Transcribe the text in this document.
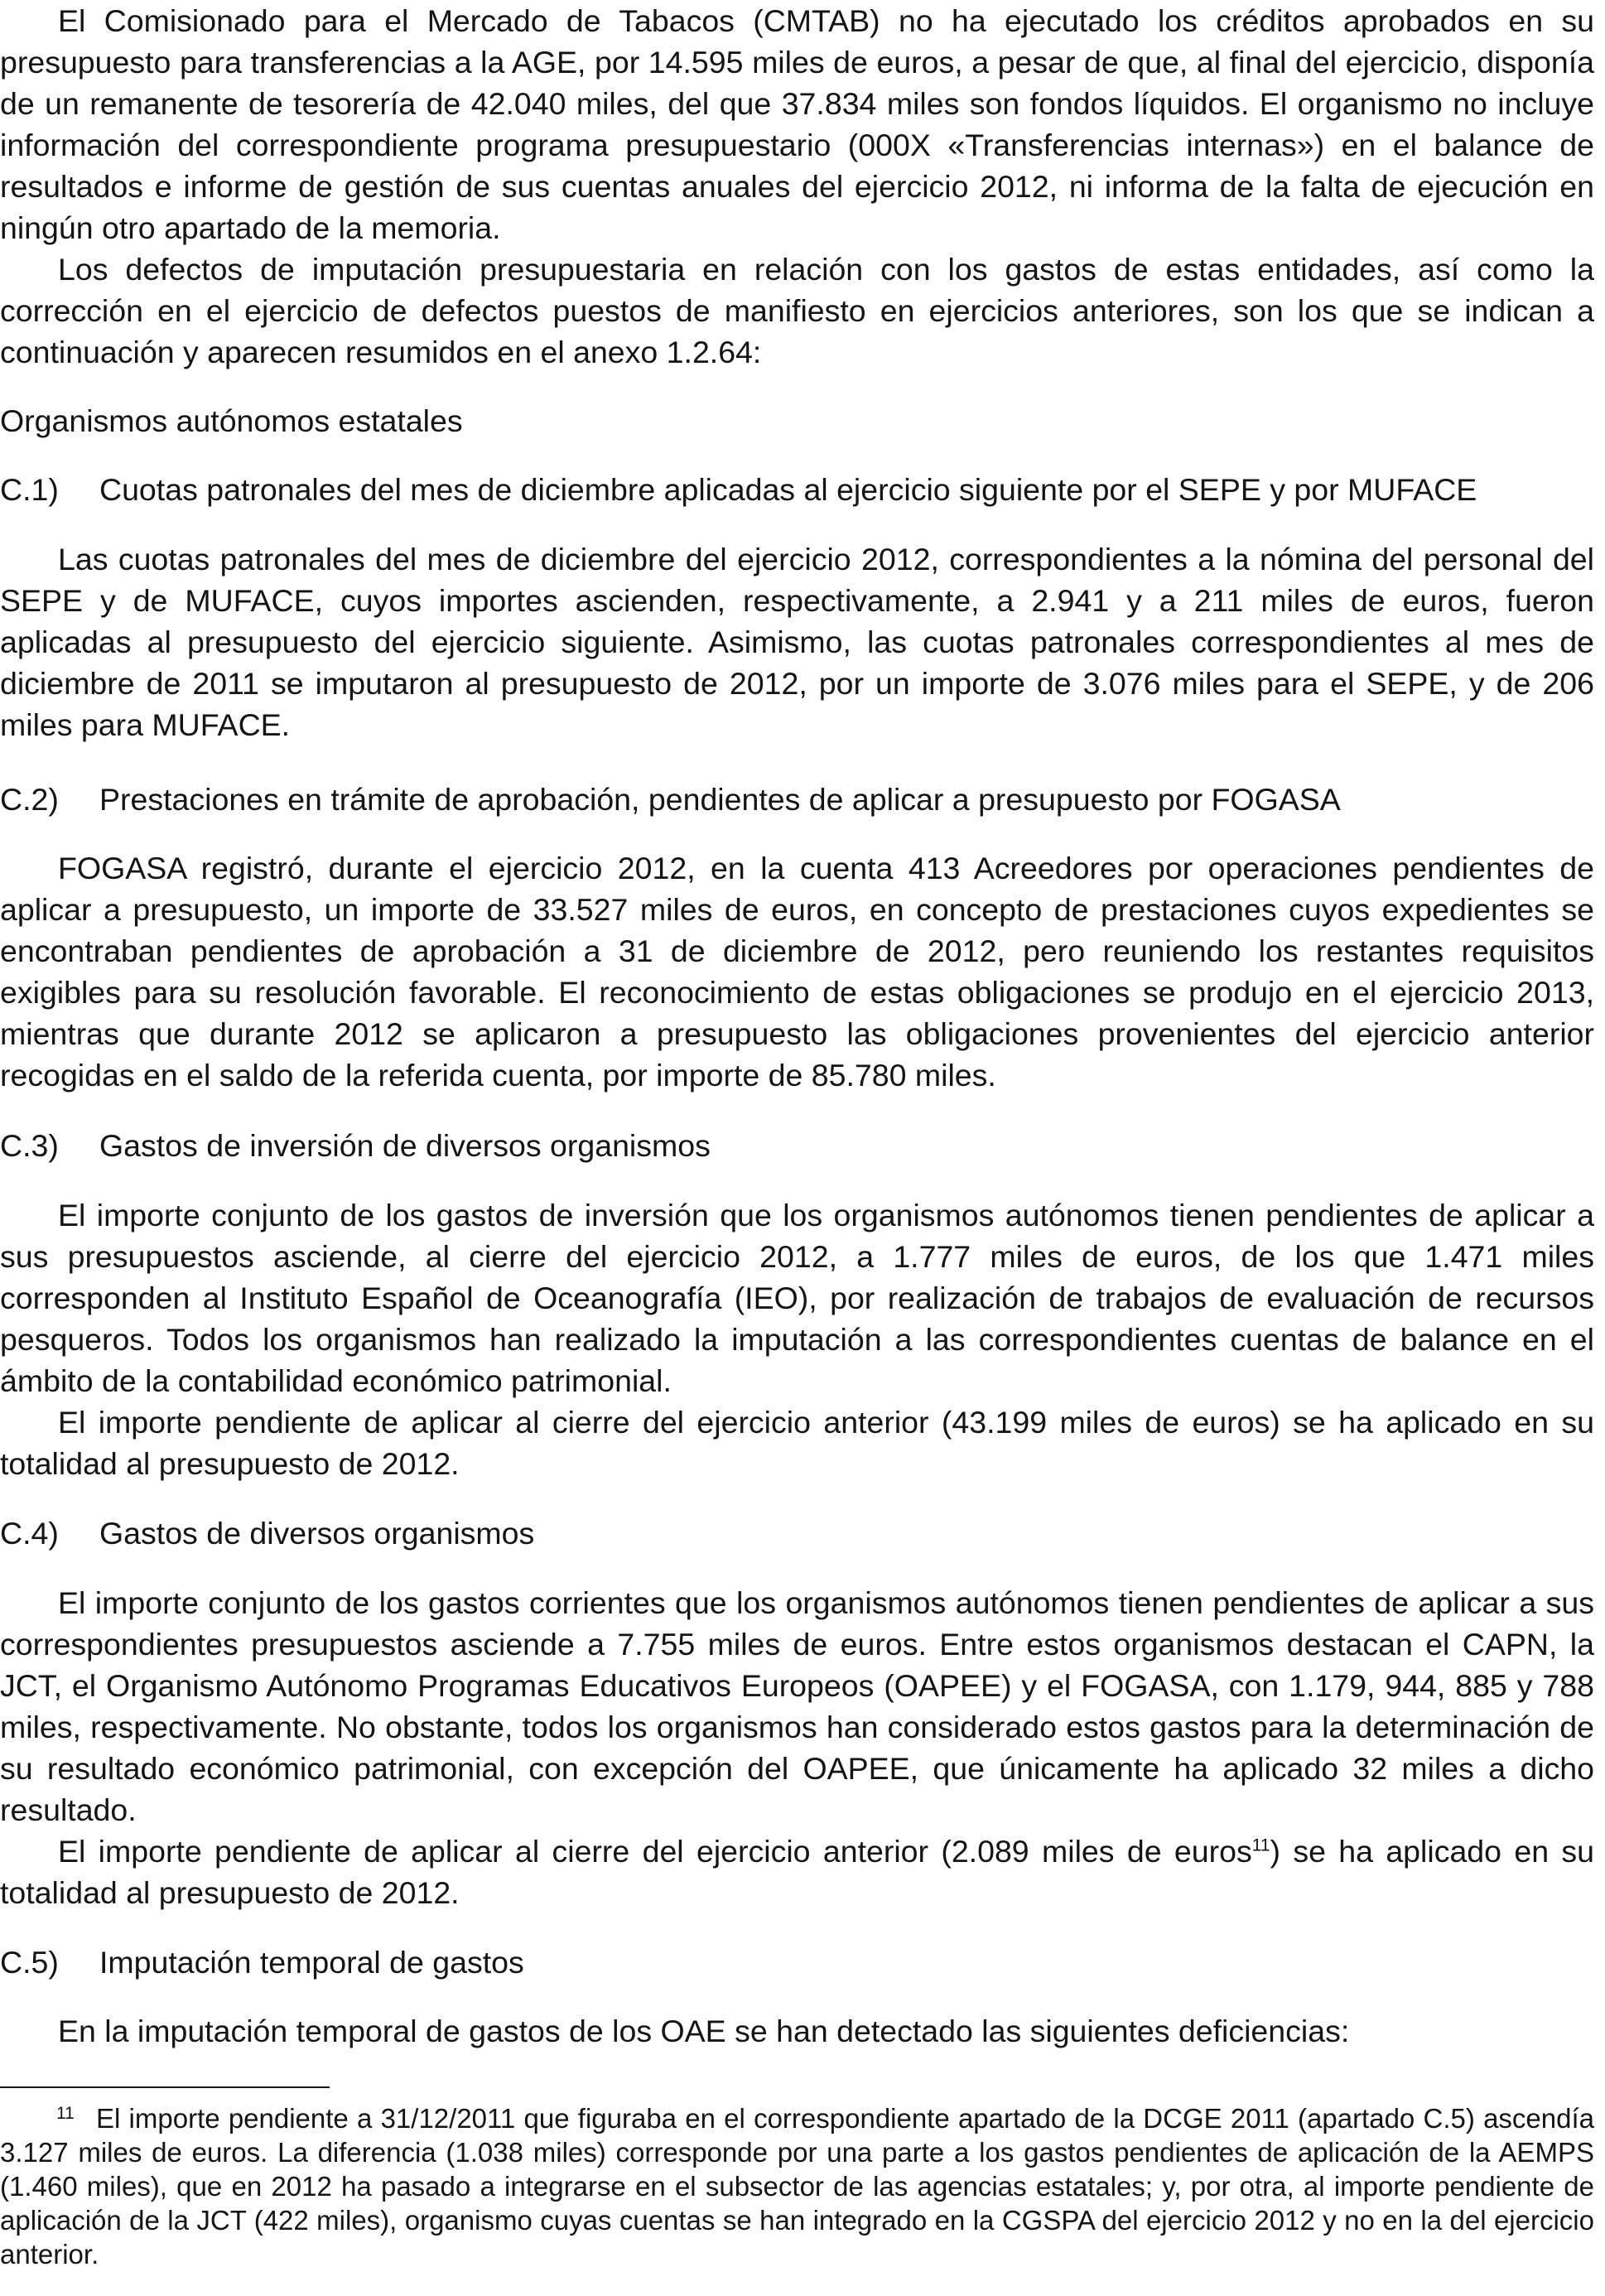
El Comisionado para el Mercado de Tabacos (CMTAB) no ha ejecutado los créditos aprobados en su presupuesto para transferencias a la AGE, por 14.595 miles de euros, a pesar de que, al final del ejercicio, disponía de un remanente de tesorería de 42.040 miles, del que 37.834 miles son fondos líquidos. El organismo no incluye información del correspondiente programa presupuestario (000X «Transferencias internas») en el balance de resultados e informe de gestión de sus cuentas anuales del ejercicio 2012, ni informa de la falta de ejecución en ningún otro apartado de la memoria.

Los defectos de imputación presupuestaria en relación con los gastos de estas entidades, así como la corrección en el ejercicio de defectos puestos de manifiesto en ejercicios anteriores, son los que se indican a continuación y aparecen resumidos en el anexo 1.2.64:

Organismos autónomos estatales

C.1) Cuotas patronales del mes de diciembre aplicadas al ejercicio siguiente por el SEPE y por MUFACE

Las cuotas patronales del mes de diciembre del ejercicio 2012, correspondientes a la nómina del personal del SEPE y de MUFACE, cuyos importes ascienden, respectivamente, a 2.941 y a 211 miles de euros, fueron aplicadas al presupuesto del ejercicio siguiente. Asimismo, las cuotas patronales correspondientes al mes de diciembre de 2011 se imputaron al presupuesto de 2012, por un importe de 3.076 miles para el SEPE, y de 206 miles para MUFACE.

C.2) Prestaciones en trámite de aprobación, pendientes de aplicar a presupuesto por FOGASA

FOGASA registró, durante el ejercicio 2012, en la cuenta 413 Acreedores por operaciones pendientes de aplicar a presupuesto, un importe de 33.527 miles de euros, en concepto de prestaciones cuyos expedientes se encontraban pendientes de aprobación a 31 de diciembre de 2012, pero reuniendo los restantes requisitos exigibles para su resolución favorable. El reconocimiento de estas obligaciones se produjo en el ejercicio 2013, mientras que durante 2012 se aplicaron a presupuesto las obligaciones provenientes del ejercicio anterior recogidas en el saldo de la referida cuenta, por importe de 85.780 miles.

C.3) Gastos de inversión de diversos organismos

El importe conjunto de los gastos de inversión que los organismos autónomos tienen pendientes de aplicar a sus presupuestos asciende, al cierre del ejercicio 2012, a 1.777 miles de euros, de los que 1.471 miles corresponden al Instituto Español de Oceanografía (IEO), por realización de trabajos de evaluación de recursos pesqueros. Todos los organismos han realizado la imputación a las correspondientes cuentas de balance en el ámbito de la contabilidad económico patrimonial.

El importe pendiente de aplicar al cierre del ejercicio anterior (43.199 miles de euros) se ha aplicado en su totalidad al presupuesto de 2012.

C.4) Gastos de diversos organismos

El importe conjunto de los gastos corrientes que los organismos autónomos tienen pendientes de aplicar a sus correspondientes presupuestos asciende a 7.755 miles de euros. Entre estos organismos destacan el CAPN, la JCT, el Organismo Autónomo Programas Educativos Europeos (OAPEE) y el FOGASA, con 1.179, 944, 885 y 788 miles, respectivamente. No obstante, todos los organismos han considerado estos gastos para la determinación de su resultado económico patrimonial, con excepción del OAPEE, que únicamente ha aplicado 32 miles a dicho resultado.

El importe pendiente de aplicar al cierre del ejercicio anterior (2.089 miles de euros$^{11}$) se ha aplicado en su totalidad al presupuesto de 2012.

C.5) Imputación temporal de gastos

En la imputación temporal de gastos de los OAE se han detectado las siguientes deficiencias:

11 El importe pendiente a 31/12/2011 que figuraba en el correspondiente apartado de la DCGE 2011 (apartado C.5) ascendía 3.127 miles de euros. La diferencia (1.038 miles) corresponde por una parte a los gastos pendientes de aplicación de la AEMPS (1.460 miles), que en 2012 ha pasado a integrarse en el subsector de las agencias estatales; y, por otra, al importe pendiente de aplicación de la JCT (422 miles), organismo cuyas cuentas se han integrado en la CGSPA del ejercicio 2012 y no en la del ejercicio anterior.
